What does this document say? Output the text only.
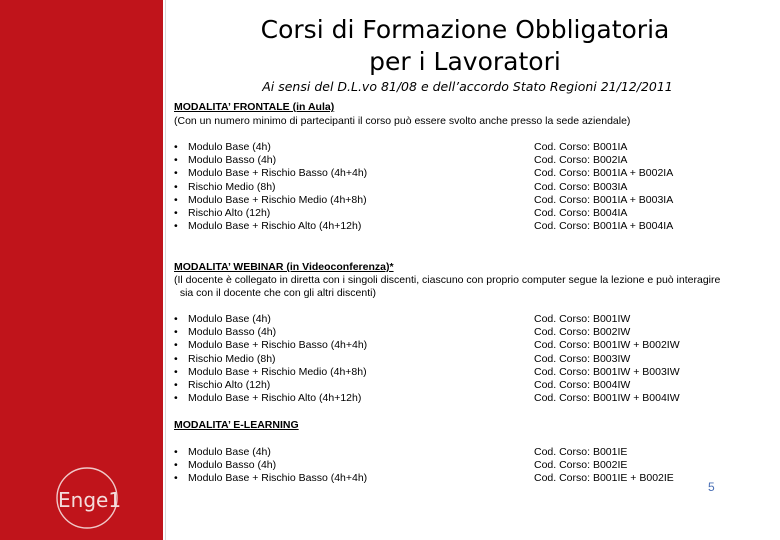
Enge1
Corsi di Formazione Obbligatoria
per i Lavoratori
Ai sensi del D.L.vo 81/08 e dell’accordo Stato Regioni 21/12/2011
MODALITA’ FRONTALE (in Aula)
(Con un numero minimo di partecipanti il corso può essere svolto anche presso la sede aziendale)
• Modulo Base (4h)	Cod. Corso: B001IA
• Modulo Basso (4h)	Cod. Corso: B002IA
• Modulo Base + Rischio Basso (4h+4h)	Cod. Corso: B001IA + B002IA
• Rischio Medio (8h)	Cod. Corso: B003IA
• Modulo Base + Rischio Medio (4h+8h)	Cod. Corso: B001IA + B003IA
• Rischio Alto (12h)	Cod. Corso: B004IA
• Modulo Base + Rischio Alto (4h+12h)	Cod. Corso: B001IA + B004IA
MODALITA’ WEBINAR (in Videoconferenza)*
(Il docente è collegato in diretta con i singoli discenti, ciascuno con proprio computer segue la lezione e può interagire
sia con il docente che con gli altri discenti)
• Modulo Base (4h)	Cod. Corso: B001IW
• Modulo Basso (4h)	Cod. Corso: B002IW
• Modulo Base + Rischio Basso (4h+4h)	Cod. Corso: B001IW + B002IW
• Rischio Medio (8h)	Cod. Corso: B003IW
• Modulo Base + Rischio Medio (4h+8h)	Cod. Corso: B001IW + B003IW
• Rischio Alto (12h)	Cod. Corso: B004IW
• Modulo Base + Rischio Alto (4h+12h)	Cod. Corso: B001IW + B004IW
MODALITA’ E-LEARNING
• Modulo Base (4h)	Cod. Corso: B001IE
• Modulo Basso (4h)	Cod. Corso: B002IE
• Modulo Base + Rischio Basso (4h+4h)	Cod. Corso: B001IE + B002IE
5
